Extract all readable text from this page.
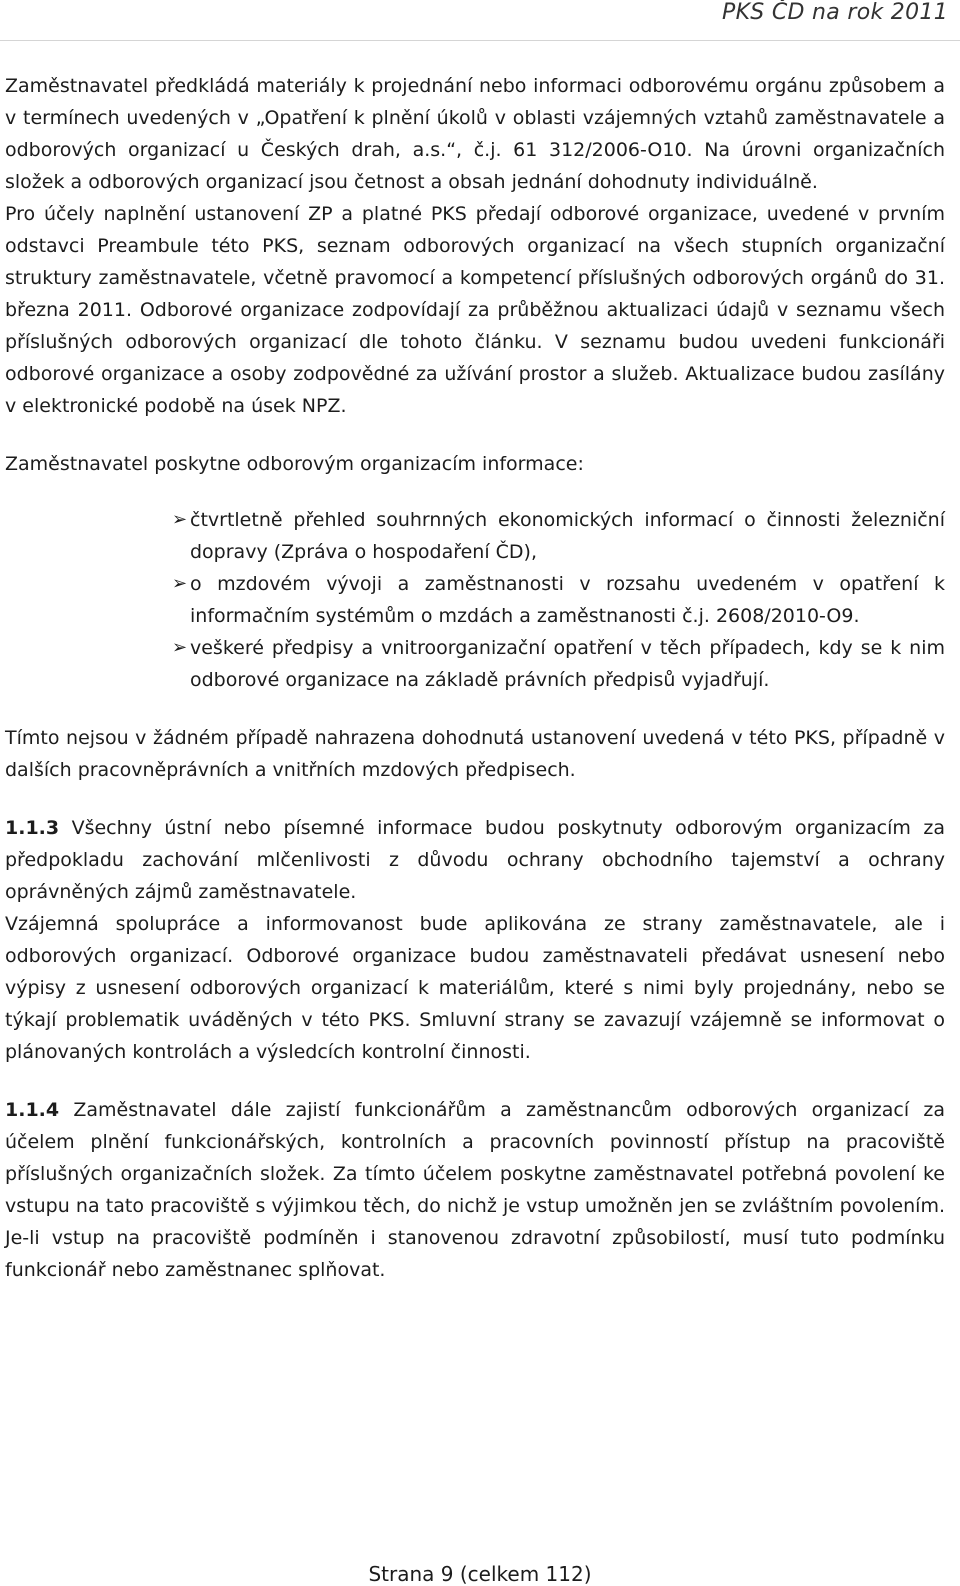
PKS ČD na rok 2011

Zaměstnavatel předkládá materiály k projednání nebo informaci odborovému orgánu způsobem a v termínech uvedených v „Opatření k plnění úkolů v oblasti vzájemných vztahů zaměstnavatele a odborových organizací u Českých drah, a.s.“, č.j. 61 312/2006-O10. Na úrovni organizačních složek a odborových organizací jsou četnost a obsah jednání dohodnuty individuálně.

Pro účely naplnění ustanovení ZP a platné PKS předají odborové organizace, uvedené v prvním odstavci Preambule této PKS, seznam odborových organizací na všech stupních organizační struktury zaměstnavatele, včetně pravomocí a kompetencí příslušných odborových orgánů do 31. března 2011. Odborové organizace zodpovídají za průběžnou aktualizaci údajů v seznamu všech příslušných odborových organizací dle tohoto článku. V seznamu budou uvedeni funkcionáři odborové organizace a osoby zodpovědné za užívání prostor a služeb. Aktualizace budou zasílány v elektronické podobě na úsek NPZ.

Zaměstnavatel poskytne odborovým organizacím informace:

➢ čtvrtletně přehled souhrnných ekonomických informací o činnosti železniční dopravy (Zpráva o hospodaření ČD),
➢ o mzdovém vývoji a zaměstnanosti v rozsahu uvedeném v opatření k informačním systémům o mzdách a zaměstnanosti č.j. 2608/2010-O9.
➢ veškeré předpisy a vnitroorganizační opatření v těch případech, kdy se k nim odborové organizace na základě právních předpisů vyjadřují.

Tímto nejsou v žádném případě nahrazena dohodnutá ustanovení uvedená v této PKS, případně v dalších pracovněprávních a vnitřních mzdových předpisech.

1.1.3 Všechny ústní nebo písemné informace budou poskytnuty odborovým organizacím za předpokladu zachování mlčenlivosti z důvodu ochrany obchodního tajemství a ochrany oprávněných zájmů zaměstnavatele.

Vzájemná spolupráce a informovanost bude aplikována ze strany zaměstnavatele, ale i odborových organizací. Odborové organizace budou zaměstnavateli předávat usnesení nebo výpisy z usnesení odborových organizací k materiálům, které s nimi byly projednány, nebo se týkají problematik uváděných v této PKS. Smluvní strany se zavazují vzájemně se informovat o plánovaných kontrolách a výsledcích kontrolní činnosti.

1.1.4 Zaměstnavatel dále zajistí funkcionářům a zaměstnancům odborových organizací za účelem plnění funkcionářských, kontrolních a pracovních povinností přístup na pracoviště příslušných organizačních složek. Za tímto účelem poskytne zaměstnavatel potřebná povolení ke vstupu na tato pracoviště s výjimkou těch, do nichž je vstup umožněn jen se zvláštním povolením. Je-li vstup na pracoviště podmíněn i stanovenou zdravotní způsobilostí, musí tuto podmínku funkcionář nebo zaměstnanec splňovat.

Strana 9 (celkem 112)
